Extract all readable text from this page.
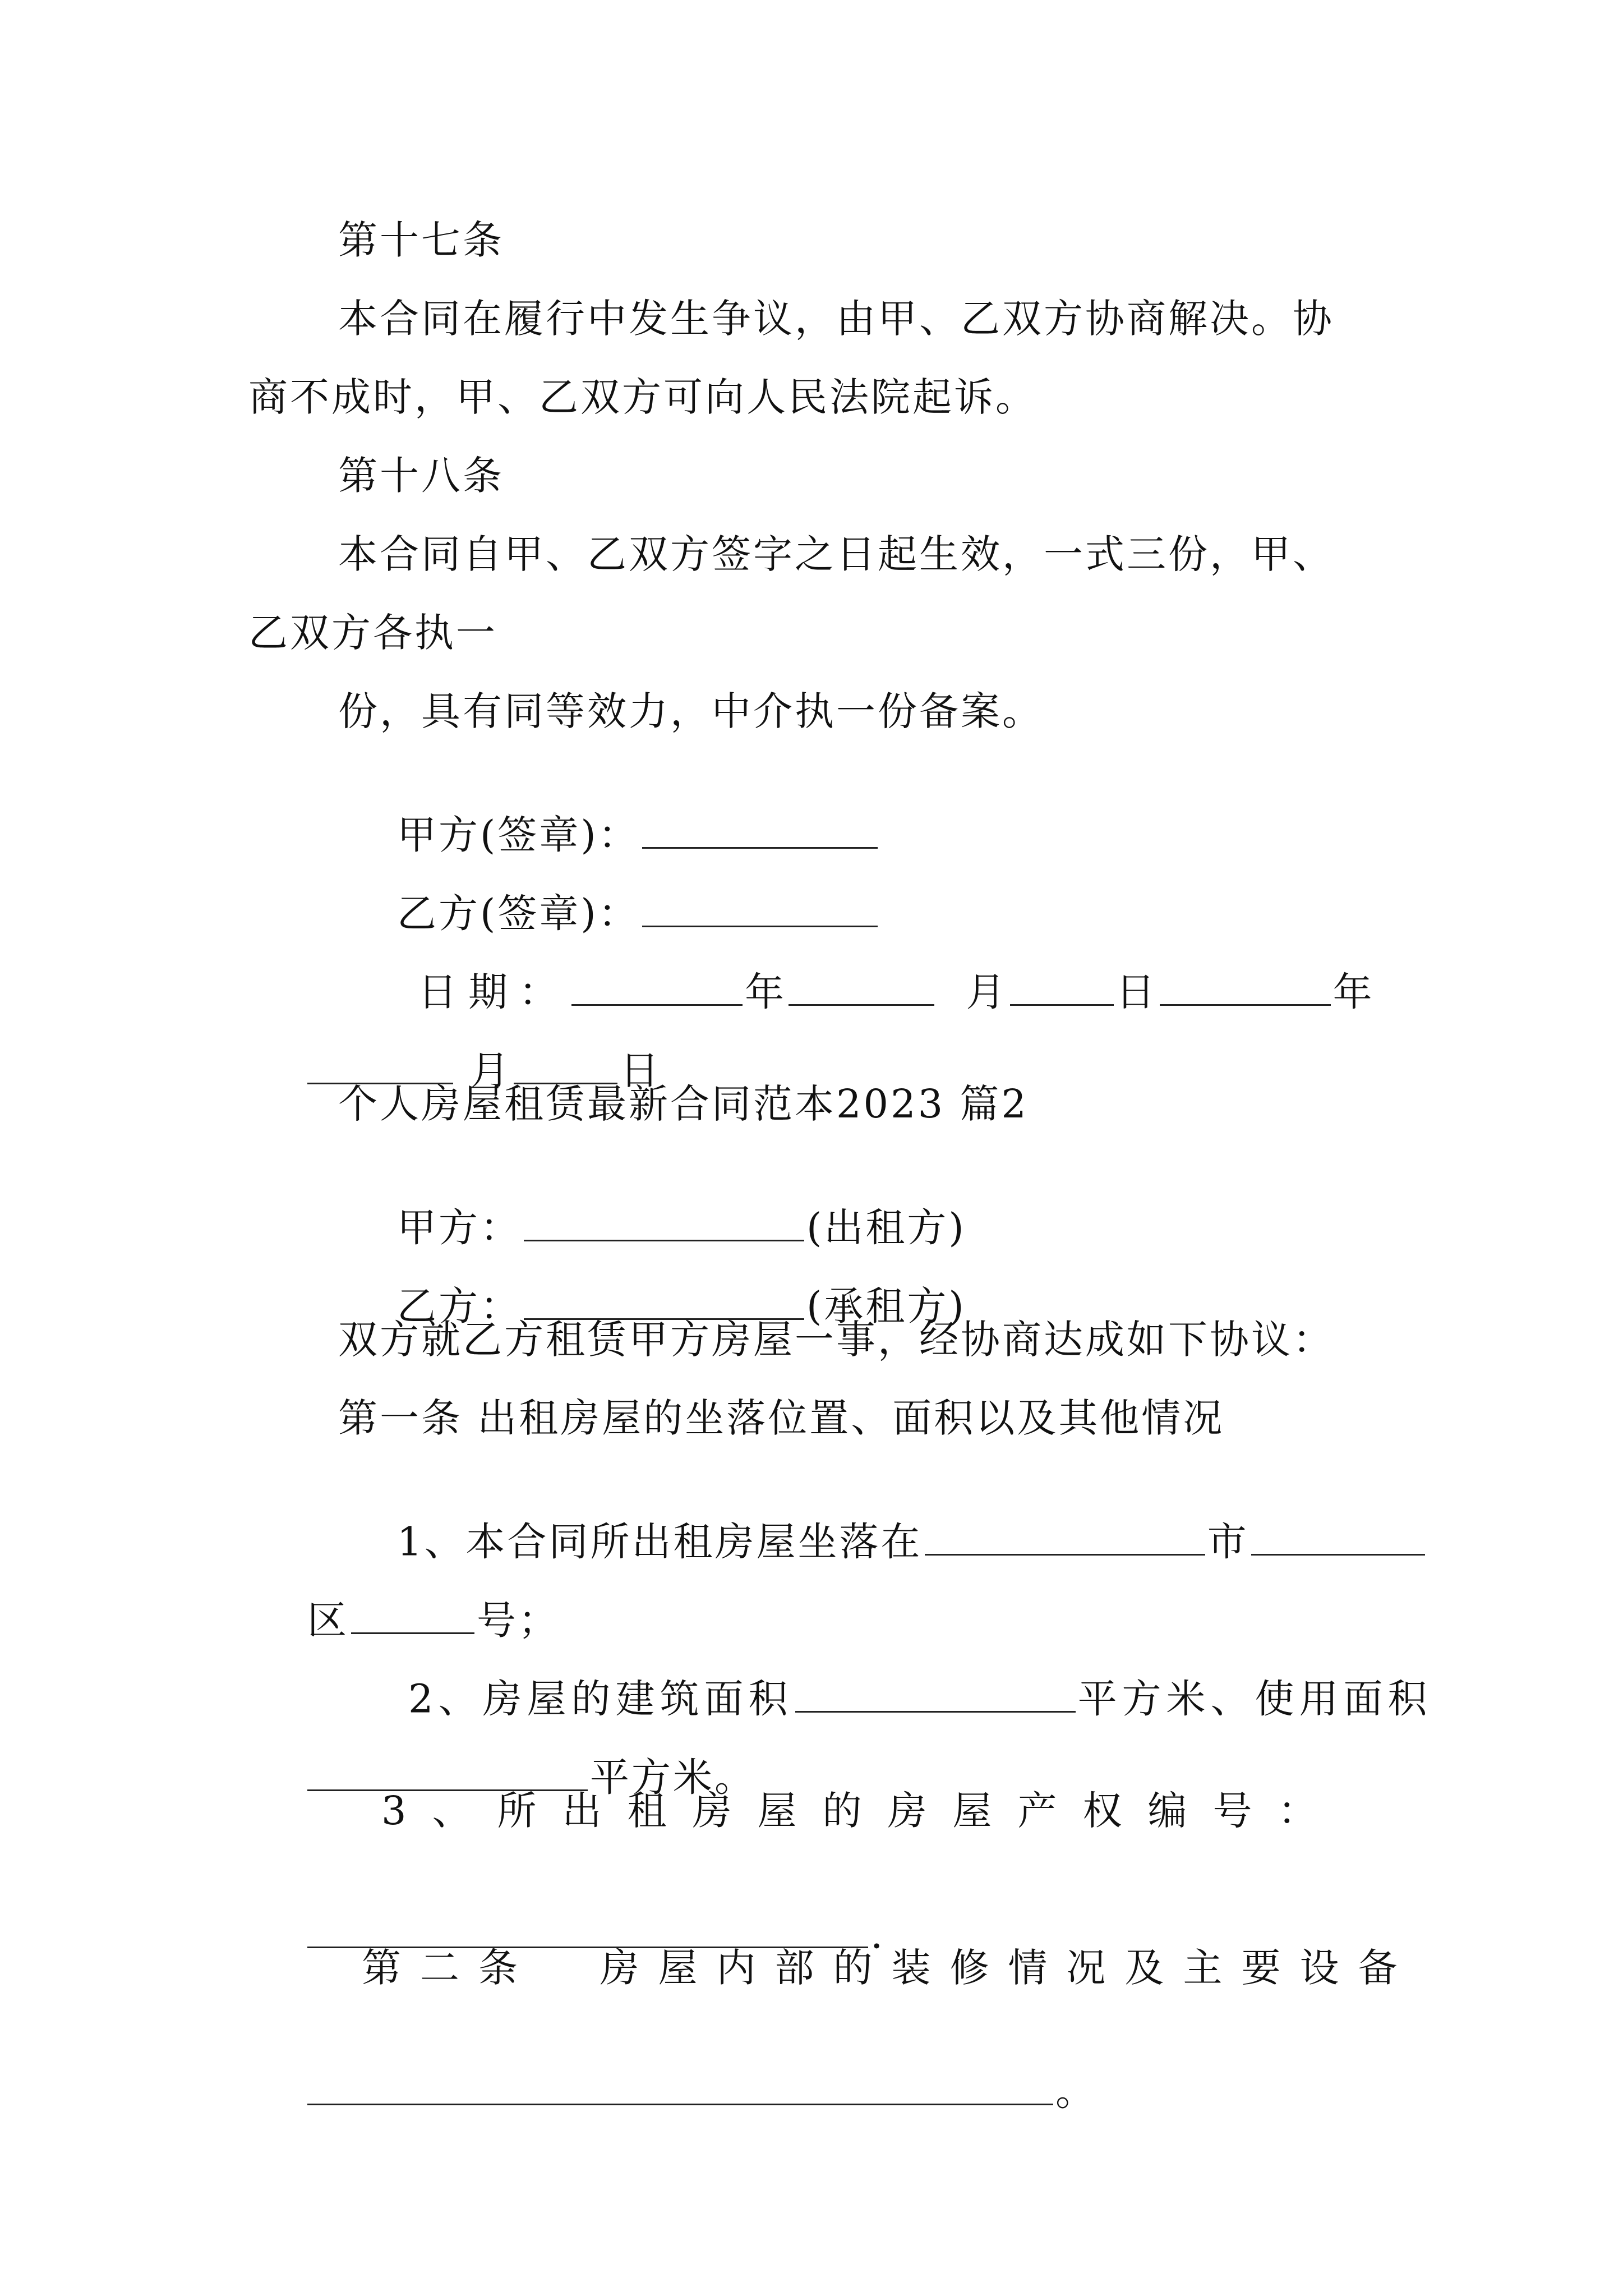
第十七条
本合同在履行中发生争议，由甲、乙双方协商解决。协
商不成时，甲、乙双方可向人民法院起诉。
第十八条
本合同自甲、乙双方签字之日起生效，一式三份，甲、
乙双方各执一
份，具有同等效力，中介执一份备案。

甲方(签章)：

乙方(签章)：

日期：	年	月	日	年

月	日

个人房屋租赁最新合同范本2023 篇2

甲方：	(出租方)

乙方：	(承租方)

双方就乙方租赁甲方房屋一事，经协商达成如下协议：
第一条 出租房屋的坐落位置、面积以及其他情况

1、本合同所出租房屋坐落在	市

区	号；

2、房屋的建筑面积	平方米、使用面积

平方米。

3、所出租房屋的房屋产权编号：

.

第二条  房屋内部的装修情况及主要设备

。
